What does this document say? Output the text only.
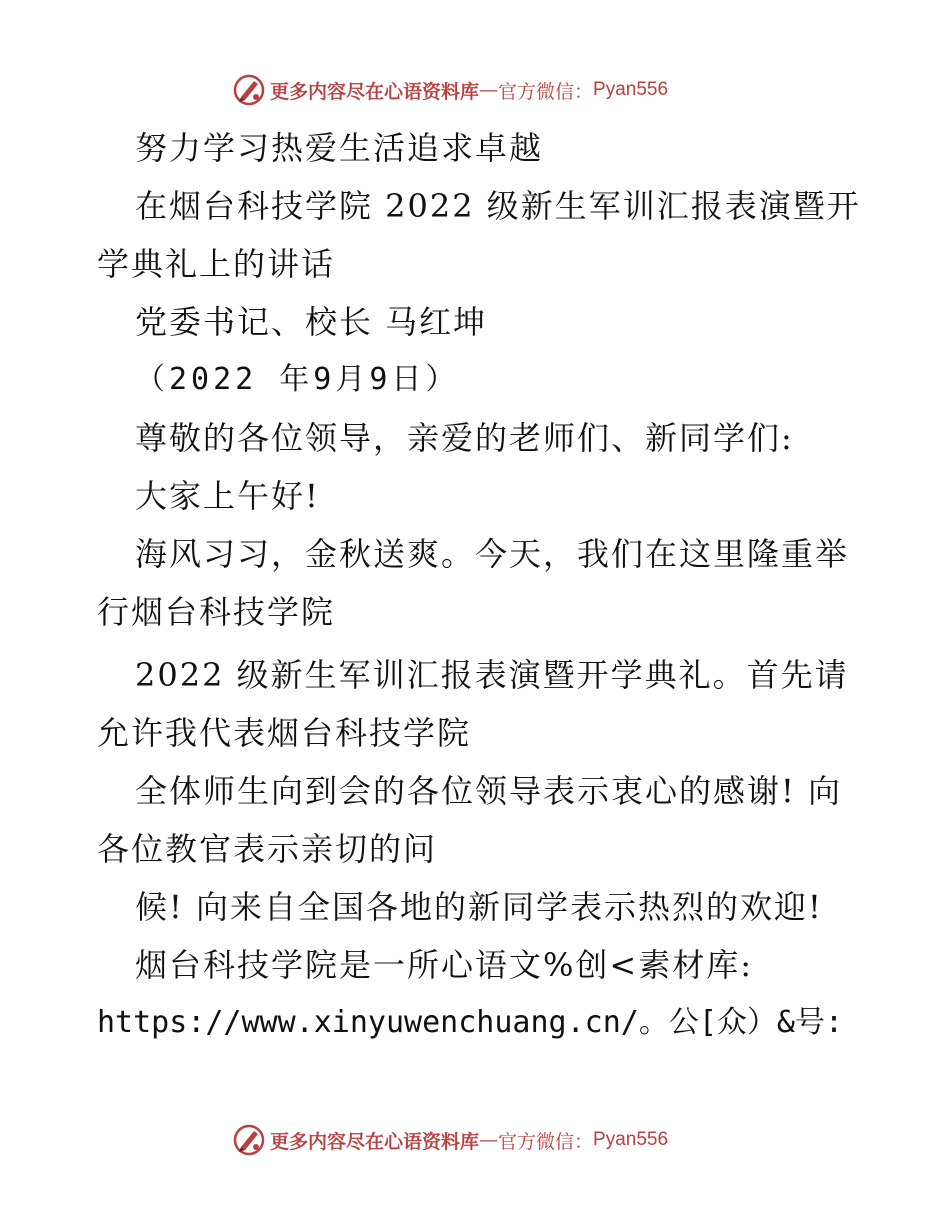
更多内容尽在心语资料库 — 官方微信： Pyan556
努力学习热爱生活追求卓越
在烟台科技学院 2022 级新生军训汇报表演暨开
学典礼上的讲话
党委书记、校长 马红坤
（2022 年9月9日）
尊敬的各位领导，亲爱的老师们、新同学们:
大家上午好!
海风习习，金秋送爽。今天，我们在这里隆重举
行烟台科技学院
2022 级新生军训汇报表演暨开学典礼。首先请
允许我代表烟台科技学院
全体师生向到会的各位领导表示衷心的感谢! 向
各位教官表示亲切的问
候! 向来自全国各地的新同学表示热烈的欢迎!
烟台科技学院是一所心语文%创<素材库:
https://www.xinyuwenchuang.cn/。公[众）&号:
更多内容尽在心语资料库 — 官方微信： Pyan556
